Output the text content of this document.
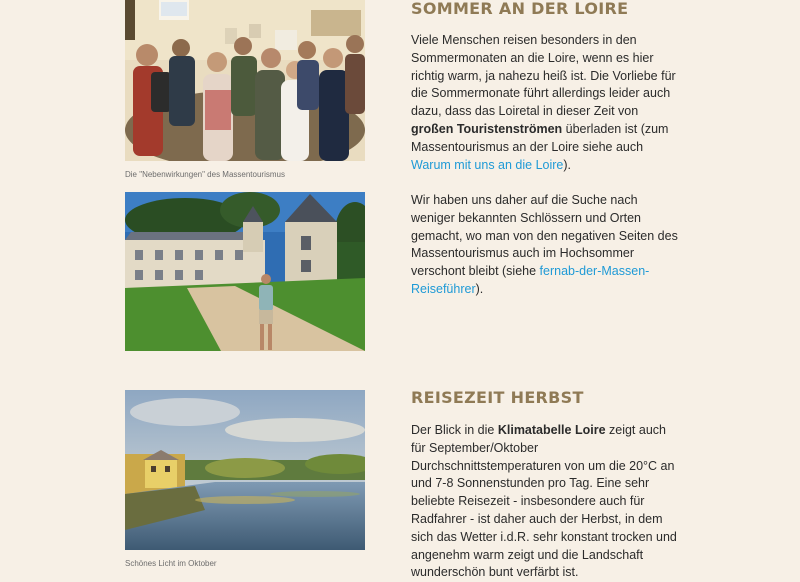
Die "Nebenwirkungen" des Massentourismus
SOMMER AN DER LOIRE

Viele Menschen reisen besonders in den Sommermonaten an die Loire, wenn es hier richtig warm, ja nahezu heiß ist. Die Vorliebe für die Sommermonate führt allerdings leider auch dazu, dass das Loiretal in dieser Zeit von großen Touristenströmen überladen ist (zum Massentourismus an der Loire siehe auch Warum mit uns an die Loire).

Wir haben uns daher auf die Suche nach weniger bekannten Schlössern und Orten gemacht, wo man von den negativen Seiten des Massentourismus auch im Hochsommer verschont bleibt (siehe fernab-der-Massen-Reiseführer).

Schönes Licht im Oktober
REISEZEIT HERBST

Der Blick in die Klimatabelle Loire zeigt auch für September/Oktober Durchschnittstemperaturen von um die 20°C an und 7-8 Sonnenstunden pro Tag. Eine sehr beliebte Reisezeit - insbesondere auch für Radfahrer - ist daher auch der Herbst, in dem sich das Wetter i.d.R. sehr konstant trocken und angenehm warm zeigt und die Landschaft wunderschön bunt verfärbt ist.
